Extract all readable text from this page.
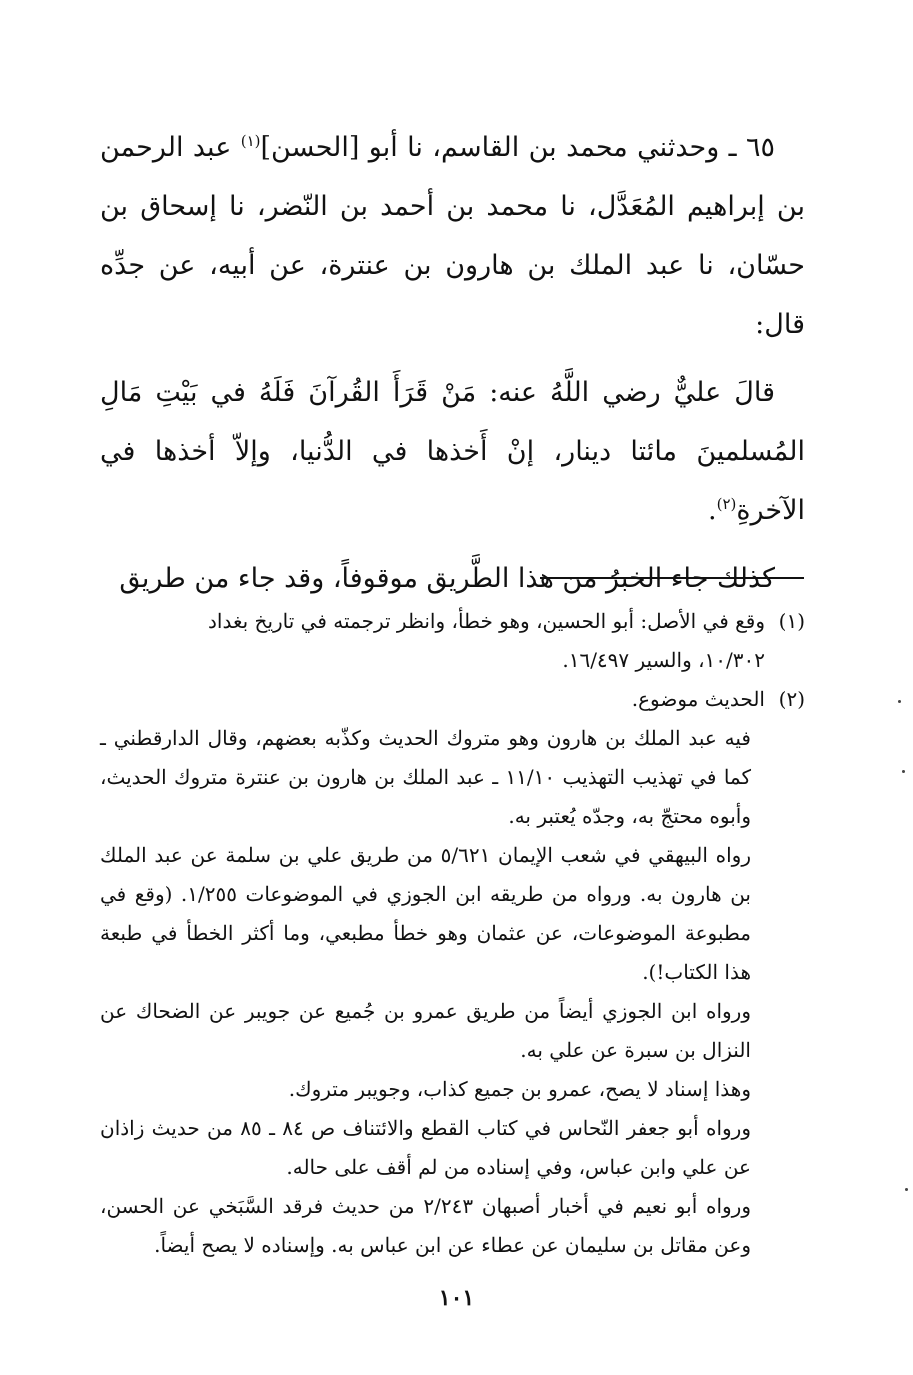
٦٥ ـ وحدثني محمد بن القاسم، نا أبو [الحسن]$^{(١)}$ عبد الرحمن بن إبراهيم المُعَدَّل، نا محمد بن أحمد بن النّضر، نا إسحاق بن حسّان، نا عبد الملك بن هارون بن عنترة، عن أبيه، عن جدِّه قال:

قالَ عليٌّ رضي اللَّهُ عنه: مَنْ قَرَأَ القُرآنَ فَلَهُ في بَيْتِ مَالِ المُسلمينَ مائتا دينار، إنْ أَخذها في الدُّنيا، وإلاّ أخذها في الآخرةِ$^{(٢)}$.

كذلك جاء الخبرُ من هذا الطَّريق موقوفاً، وقد جاء من طريق

(١)وقع في الأصل: أبو الحسين، وهو خطأ، وانظر ترجمته في تاريخ بغداد

١٠/٣٠٢، والسير ١٦/٤٩٧.

(٢)الحديث موضوع.

فيه عبد الملك بن هارون وهو متروك الحديث وكذّبه بعضهم، وقال الدارقطني ـ كما في تهذيب التهذيب ١١/١٠ ـ عبد الملك بن هارون بن عنترة متروك الحديث، وأبوه محتجّ به، وجدّه يُعتبر به.

رواه البيهقي في شعب الإيمان ٥/٦٢١ من طريق علي بن سلمة عن عبد الملك بن هارون به. ورواه من طريقه ابن الجوزي في الموضوعات ١/٢٥٥. (وقع في مطبوعة الموضوعات، عن عثمان وهو خطأ مطبعي، وما أكثر الخطأ في طبعة هذا الكتاب!).

ورواه ابن الجوزي أيضاً من طريق عمرو بن جُميع عن جويبر عن الضحاك عن النزال بن سبرة عن علي به.

وهذا إسناد لا يصح، عمرو بن جميع كذاب، وجويبر متروك.

ورواه أبو جعفر النّحاس في كتاب القطع والائتناف ص ٨٤ ـ ٨٥ من حديث زاذان عن علي وابن عباس، وفي إسناده من لم أقف على حاله.

ورواه أبو نعيم في أخبار أصبهان ٢/٢٤٣ من حديث فرقد السَّبَخي عن الحسن، وعن مقاتل بن سليمان عن عطاء عن ابن عباس به. وإسناده لا يصح أيضاً.

١٠١
